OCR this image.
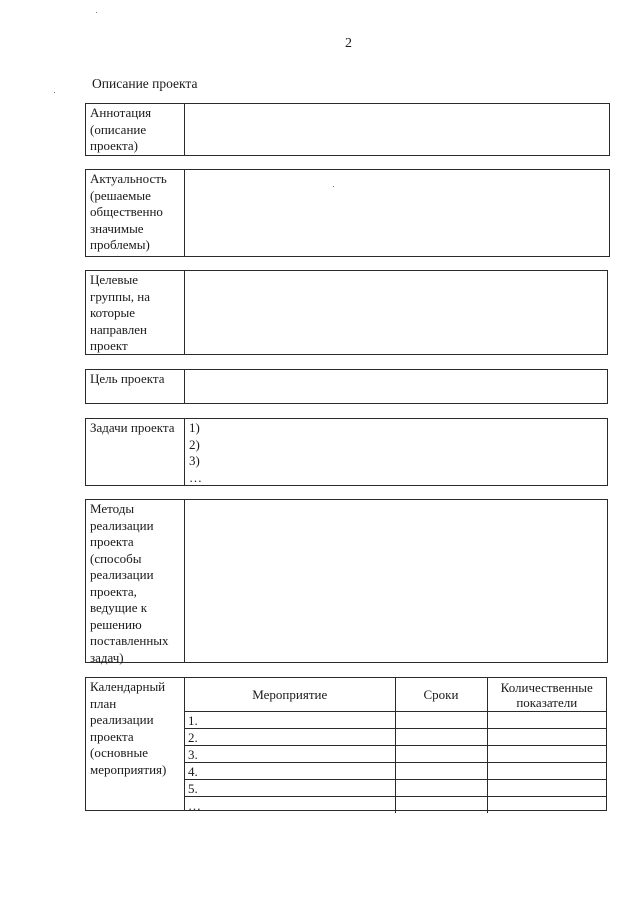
2
Описание проекта
Аннотация (описание проекта)
Актуальность (решаемые общественно значимые проблемы)
Целевые группы, на которые направлен проект
Цель проекта
Задачи проекта	1)
2)
3)
…
Методы реализации проекта (способы реализации проекта, ведущие к решению поставленных задач)
Календарный план реализации проекта (основные мероприятия)
Мероприятие	Сроки	Количественные показатели
1.		
2.		
3.		
4.		
5.		
…		
